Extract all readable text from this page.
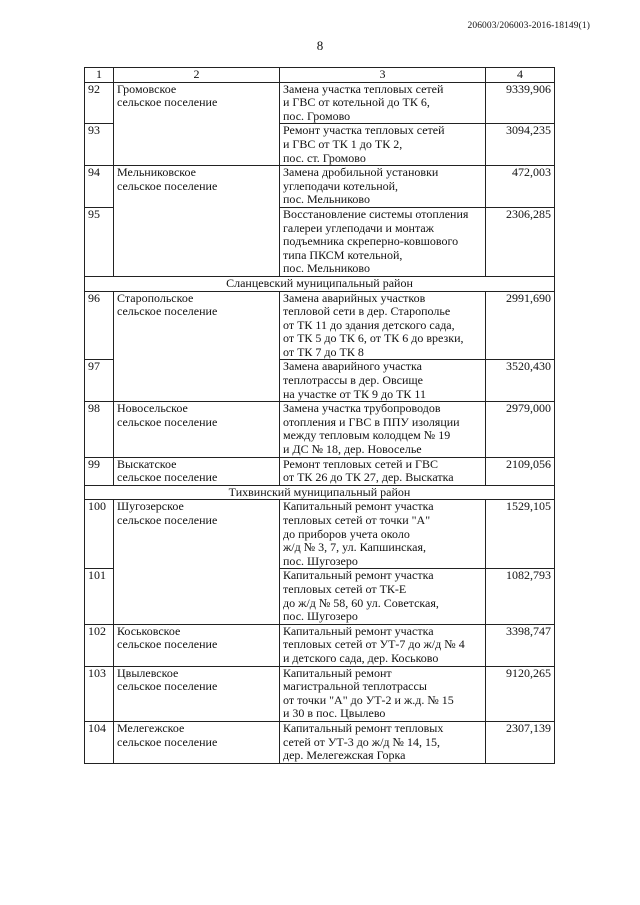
206003/206003-2016-18149(1)
8
1	2	3	4
92	Громовское
сельское поселение	Замена участка тепловых сетей
и ГВС от котельной до ТК 6,
пос. Громово	9339,906
93		Ремонт участка тепловых сетей
и ГВС от ТК 1 до ТК 2,
пос. ст. Громово	3094,235
94	Мельниковское
сельское поселение	Замена дробильной установки
углеподачи котельной,
пос. Мельниково	472,003
95		Восстановление системы отопления
галереи углеподачи и монтаж
подъемника скреперно-ковшового
типа ПКСМ котельной,
пос. Мельниково	2306,285
Сланцевский муниципальный район			
96	Старопольское
сельское поселение	Замена аварийных участков
тепловой сети в дер. Старополье
от ТК 11 до здания детского сада,
от ТК 5 до ТК 6, от ТК 6 до врезки,
от ТК 7 до ТК 8	2991,690
97		Замена аварийного участка
теплотрассы в дер. Овсище
на участке от ТК 9 до ТК 11	3520,430
98	Новосельское
сельское поселение	Замена участка трубопроводов
отопления и ГВС в ППУ изоляции
между тепловым колодцем № 19
и ДС № 18, дер. Новоселье	2979,000
99	Выскатское
сельское поселение	Ремонт тепловых сетей и ГВС
от ТК 26 до ТК 27, дер. Выскатка	2109,056
Тихвинский муниципальный район			
100	Шугозерское
сельское поселение	Капитальный ремонт участка
тепловых сетей от точки "А"
до приборов учета около
ж/д № 3, 7, ул. Капшинская,
пос. Шугозеро	1529,105
101		Капитальный ремонт участка
тепловых сетей от ТК-Е
до ж/д № 58, 60 ул. Советская,
пос. Шугозеро	1082,793
102	Коськовское
сельское поселение	Капитальный ремонт участка
тепловых сетей от УТ-7 до ж/д № 4
и детского сада, дер. Коськово	3398,747
103	Цвылевское
сельское поселение	Капитальный ремонт
магистральной теплотрассы
от точки "А" до УТ-2 и ж.д. № 15
и 30 в пос. Цвылево	9120,265
104	Мелегежское
сельское поселение	Капитальный ремонт тепловых
сетей от УТ-3 до ж/д № 14, 15,
дер. Мелегежская Горка	2307,139
